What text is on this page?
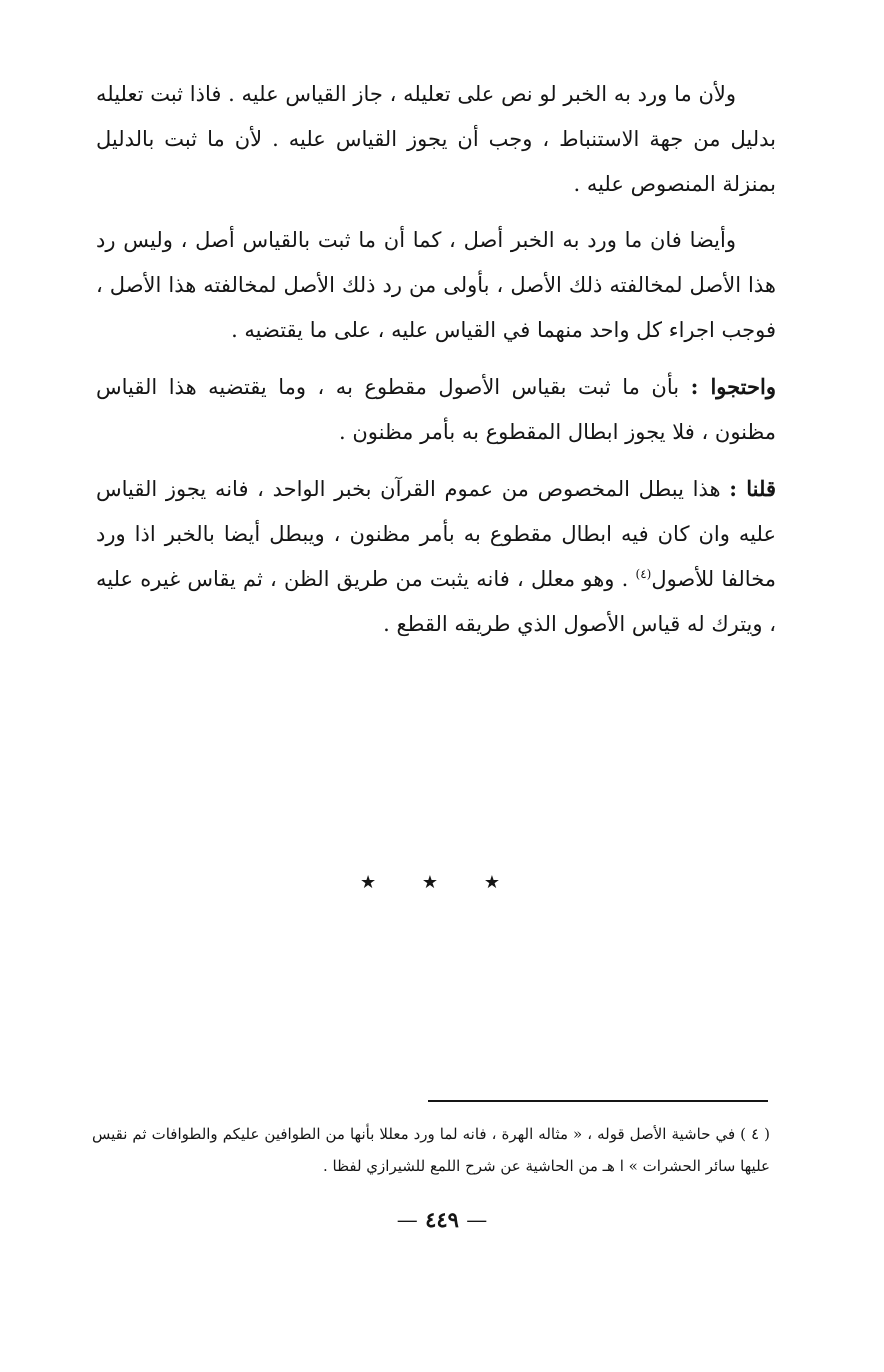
ولأن ما ورد به الخبر لو نص على تعليله ، جاز القياس عليه . فاذا ثبت تعليله بدليل من جهة الاستنباط ، وجب أن يجوز القياس عليه . لأن ما ثبت بالدليل بمنزلة المنصوص عليه .

وأيضا فان ما ورد به الخبر أصل ، كما أن ما ثبت بالقياس أصل ، وليس رد هذا الأصل لمخالفته ذلك الأصل ، بأولى من رد ذلك الأصل لمخالفته هذا الأصل ، فوجب اجراء كل واحد منهما في القياس عليه ، على ما يقتضيه .

واحتجوا : بأن ما ثبت بقياس الأصول مقطوع به ، وما يقتضيه هذا القياس مظنون ، فلا يجوز ابطال المقطوع به بأمر مظنون .

قلنا : هذا يبطل المخصوص من عموم القرآن بخبر الواحد ، فانه يجوز القياس عليه وان كان فيه ابطال مقطوع به بأمر مظنون ، ويبطل أيضا بالخبر اذا ورد مخالفا للأصول$^{(٤)}$ . وهو معلل ، فانه يثبت من طريق الظن ، ثم يقاس غيره عليه ، ويترك له قياس الأصول الذي طريقه القطع .

★	★	★
( ٤ ) في حاشية الأصل قوله ، « مثاله الهرة ، فانه لما ورد معللا بأنها من الطوافين عليكم والطوافات ثم نقيس عليها سائر الحشرات » ا هـ من الحاشية عن شرح اللمع للشيرازي لفظا .
— ٤٤٩ —
